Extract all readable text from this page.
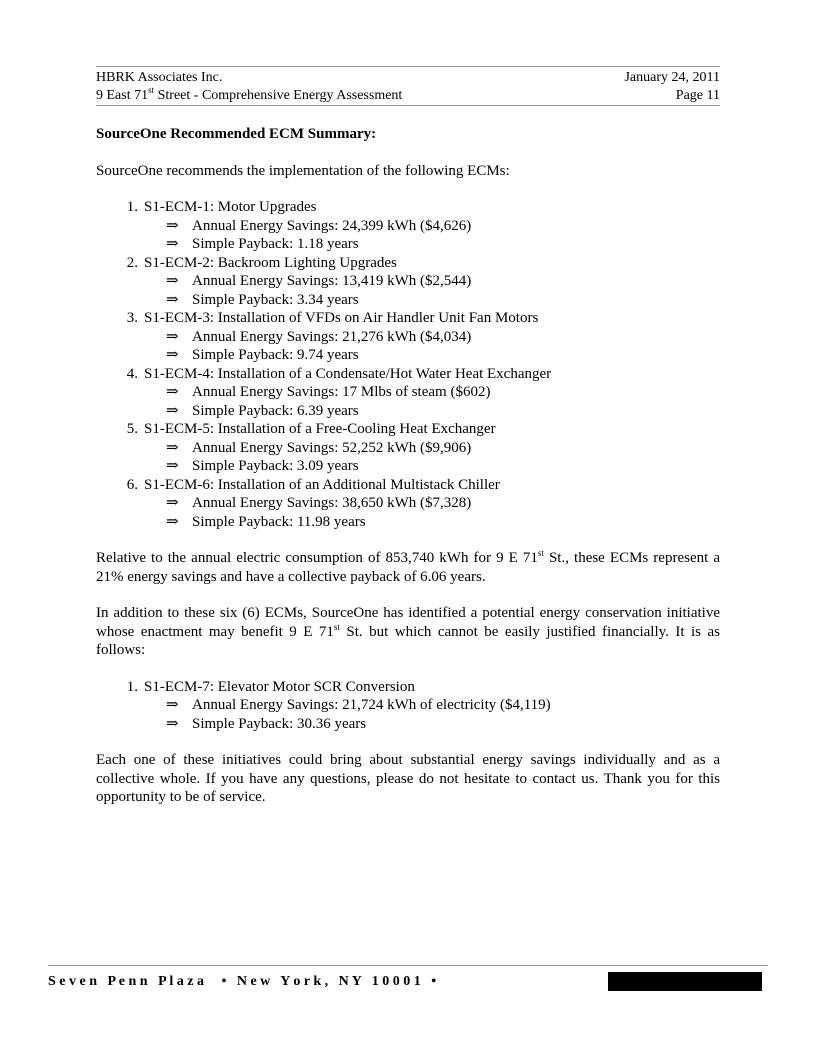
HBRK Associates Inc.	January 24, 2011
9 East 71st Street - Comprehensive Energy Assessment	Page 11

SourceOne Recommended ECM Summary:

SourceOne recommends the implementation of the following ECMs:

1. S1-ECM-1: Motor Upgrades
⇒ Annual Energy Savings: 24,399 kWh ($4,626)
⇒ Simple Payback: 1.18 years
2. S1-ECM-2: Backroom Lighting Upgrades
⇒ Annual Energy Savings: 13,419 kWh ($2,544)
⇒ Simple Payback: 3.34 years
3. S1-ECM-3: Installation of VFDs on Air Handler Unit Fan Motors
⇒ Annual Energy Savings: 21,276 kWh ($4,034)
⇒ Simple Payback: 9.74 years
4. S1-ECM-4: Installation of a Condensate/Hot Water Heat Exchanger
⇒ Annual Energy Savings: 17 Mlbs of steam ($602)
⇒ Simple Payback: 6.39 years
5. S1-ECM-5: Installation of a Free-Cooling Heat Exchanger
⇒ Annual Energy Savings: 52,252 kWh ($9,906)
⇒ Simple Payback: 3.09 years
6. S1-ECM-6: Installation of an Additional Multistack Chiller
⇒ Annual Energy Savings: 38,650 kWh ($7,328)
⇒ Simple Payback: 11.98 years

Relative to the annual electric consumption of 853,740 kWh for 9 E 71st St., these ECMs represent a 21% energy savings and have a collective payback of 6.06 years.

In addition to these six (6) ECMs, SourceOne has identified a potential energy conservation initiative whose enactment may benefit 9 E 71st St. but which cannot be easily justified financially. It is as follows:

1. S1-ECM-7: Elevator Motor SCR Conversion
⇒ Annual Energy Savings: 21,724 kWh of electricity ($4,119)
⇒ Simple Payback: 30.36 years

Each one of these initiatives could bring about substantial energy savings individually and as a collective whole. If you have any questions, please do not hesitate to contact us. Thank you for this opportunity to be of service.

S e v e n   P e n n   P l a z a     •   N e w   Y o r k ,   N Y   1 0 0 0 1   •
